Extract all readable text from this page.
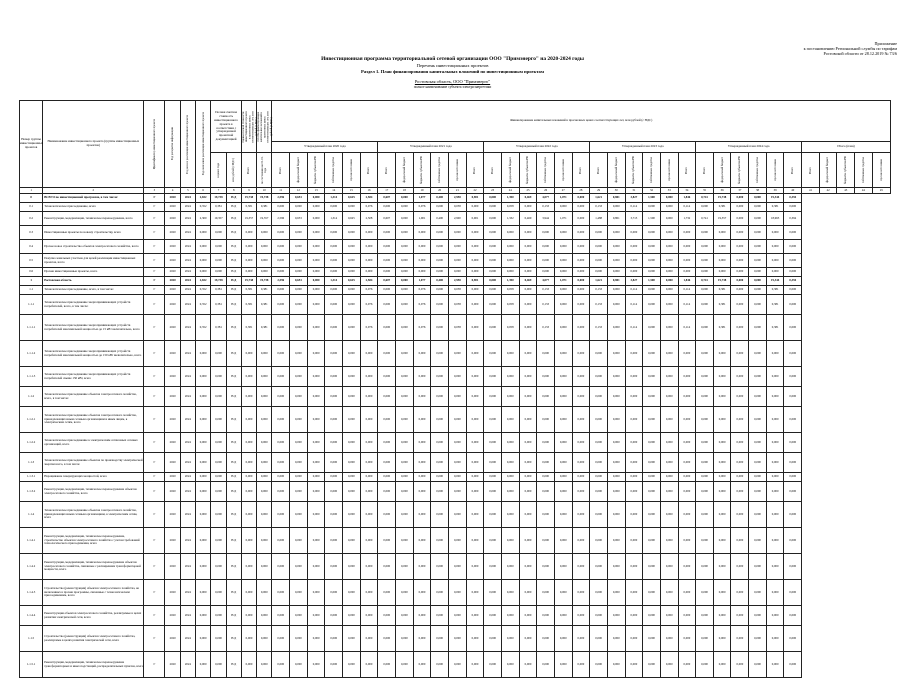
Приложение
к постановлению Региональной службы по тарифам
Ростовской области от 28.12.2019 № 73/6
Инвестиционная программа территориальной сетевой организации ООО "Примэнерго" на 2020-2024 годы
Перечень инвестиционных проектов
Раздел 1. План финансирования капитальных вложений по инвестиционным проектам
Ростовская область, ООО "Примэнерго"
полное наименование субъекта электроэнергетики
Номер группы инвестиционных проектов	Наименование инвестиционного проекта (группы инвестиционных проектов)	Идентификатор инвестиционного проекта	Год раскрытия информации	Год начала реализации инвестиционного проекта	Год окончания реализации инвестиционного проекта	Полная сметная стоимость инвестиционного проекта в соответствии с утвержденной проектной документацией		Оценка полной стоимости инвестиционного проекта в прогнозных ценах соответствующих лет, млн рублей (с НДС)	Остаток финансирования капитальных вложений в прогнозных ценах соответствующих лет, млн рублей (с НДС)	Финансирование капитальных вложений в прогнозных ценах соответствующих лет, млн рублей (с НДС)																																		
										Утвержденный план 2020 года						Утвержденный план 2021 года						Утвержденный план 2022 года						Утвержденный план 2023 года						Утвержденный план 2024 года						Итого (план)				

						в ценах года	млн рублей (с НДС)	Всего	по состоянию на 01.01. года	Всего	федеральный бюджет	бюджеты субъектов РФ	собственные средства	прочие источники	Всего	Всего	федеральный бюджет	бюджеты субъектов РФ	собственные средства	прочие источники	Всего	Всего	федеральный бюджет	бюджеты субъектов РФ	собственные средства	прочие источники	Всего	Всего	федеральный бюджет	бюджеты субъектов РФ	собственные средства	прочие источники	Всего	Всего	федеральный бюджет	бюджеты субъектов РФ	собственные средства	прочие источники	Всего	Всего	федеральный бюджет	бюджеты субъектов РФ	собственные средства	прочие источники

1	2	3	4	5	6	7	8	9	10	11	12	13	14	15	16	17	18	19	20	21	22	23	24	25	26	27	28	29	30	31	32	33	34	35	36	37	38	39	40	41	42	43	44	45
0	ВСЕГО по инвестиционной программе, в том числе:	Г	2020	2024	2,652	19,738	Н.Д	19,738	19,738	2,596	0,653	0,000	1,314	0,625	2,584	0,607	0,000	1,077	0,400	2,958	0,901	0,000	1,390	0,469	4,077	1,071	0,000	1,621	0,801	3,827	1,500	0,000	1,846	0,741	19,738	0,000	0,000	19,344	0,394					
0.1	Технологическое присоединение, всего	Г	2020	2024	0,352	0,381	Н.Д	0,381	0,381	0,000	0,000	0,000	0,000	0,000	0,076	0,000	0,000	0,076	0,000	0,058	0,000	0,000	0,058	0,000	0,133	0,000	0,000	0,133	0,000	0,114	0,000	0,000	0,114	0,000	0,381	0,000	0,000	0,381	0,000					
0.2	Реконструкция, модернизация, техническое перевооружение, всего	Г	2020	2024	2,300	19,357	Н.Д	19,357	19,357	2,596	0,653	0,000	1,314	0,625	2,508	0,607	0,000	1,001	0,400	2,900	0,901	0,000	1,332	0,469	3,944	1,071	0,000	1,488	0,801	3,713	1,500	0,000	1,732	0,741	19,357	0,000	0,000	18,963	0,394					
0.3	Инвестиционные проекты по новому строительству, всего	Г	2020	2024	0,000	0,000	Н.Д	0,000	0,000	0,000	0,000	0,000	0,000	0,000	0,000	0,000	0,000	0,000	0,000	0,000	0,000	0,000	0,000	0,000	0,000	0,000	0,000	0,000	0,000	0,000	0,000	0,000	0,000	0,000	0,000	0,000	0,000	0,000	0,000					
0.4	Прочее новое строительство объектов электросетевого хозяйства, всего	Г	2020	2024	0,000	0,000	Н.Д	0,000	0,000	0,000	0,000	0,000	0,000	0,000	0,000	0,000	0,000	0,000	0,000	0,000	0,000	0,000	0,000	0,000	0,000	0,000	0,000	0,000	0,000	0,000	0,000	0,000	0,000	0,000	0,000	0,000	0,000	0,000	0,000					
0.5	Покупка земельных участков для целей реализации инвестиционных проектов, всего	Г	2020	2024	0,000	0,000	Н.Д	0,000	0,000	0,000	0,000	0,000	0,000	0,000	0,000	0,000	0,000	0,000	0,000	0,000	0,000	0,000	0,000	0,000	0,000	0,000	0,000	0,000	0,000	0,000	0,000	0,000	0,000	0,000	0,000	0,000	0,000	0,000	0,000					
0.6	Прочие инвестиционные проекты, всего	Г	2020	2024	0,000	0,000	Н.Д	0,000	0,000	0,000	0,000	0,000	0,000	0,000	0,000	0,000	0,000	0,000	0,000	0,000	0,000	0,000	0,000	0,000	0,000	0,000	0,000	0,000	0,000	0,000	0,000	0,000	0,000	0,000	0,000	0,000	0,000	0,000	0,000					
1	Ростовская область	Г	2020	2024	2,652	19,738	Н.Д	19,738	19,738	2,596	0,653	0,000	1,314	0,625	2,584	0,607	0,000	1,077	0,400	2,958	0,901	0,000	1,390	0,469	4,077	1,071	0,000	1,621	0,801	3,827	1,500	0,000	1,846	0,741	19,738	0,000	0,000	19,344	0,394					
1.1	Технологическое присоединение, всего, в том числе:	Г	2020	2024	0,352	0,381	Н.Д	0,381	0,381	0,000	0,000	0,000	0,000	0,000	0,076	0,000	0,000	0,076	0,000	0,058	0,000	0,000	0,058	0,000	0,133	0,000	0,000	0,133	0,000	0,114	0,000	0,000	0,114	0,000	0,381	0,000	0,000	0,381	0,000					
1.1.1	Технологическое присоединение энергопринимающих устройств потребителей, всего, в том числе:	Г	2020	2024	0,352	0,381	Н.Д	0,381	0,381	0,000	0,000	0,000	0,000	0,000	0,076	0,000	0,000	0,076	0,000	0,058	0,000	0,000	0,058	0,000	0,133	0,000	0,000	0,133	0,000	0,114	0,000	0,000	0,114	0,000	0,381	0,000	0,000	0,381	0,000					
1.1.1.1	Технологическое присоединение энергопринимающих устройств потребителей максимальной мощностью до 15 кВт включительно, всего	Г	2020	2024	0,352	0,381	Н.Д	0,381	0,381	0,000	0,000	0,000	0,000	0,000	0,076	0,000	0,000	0,076	0,000	0,058	0,000	0,000	0,058	0,000	0,133	0,000	0,000	0,133	0,000	0,114	0,000	0,000	0,114	0,000	0,381	0,000	0,000	0,381	0,000					
1.1.1.2	Технологическое присоединение энергопринимающих устройств потребителей максимальной мощностью до 150 кВт включительно, всего	Г	2020	2024	0,000	0,000	Н.Д	0,000	0,000	0,000	0,000	0,000	0,000	0,000	0,000	0,000	0,000	0,000	0,000	0,000	0,000	0,000	0,000	0,000	0,000	0,000	0,000	0,000	0,000	0,000	0,000	0,000	0,000	0,000	0,000	0,000	0,000	0,000	0,000					
1.1.1.3	Технологическое присоединение энергопринимающих устройств потребителей свыше 150 кВт, всего	Г	2020	2024	0,000	0,000	Н.Д	0,000	0,000	0,000	0,000	0,000	0,000	0,000	0,000	0,000	0,000	0,000	0,000	0,000	0,000	0,000	0,000	0,000	0,000	0,000	0,000	0,000	0,000	0,000	0,000	0,000	0,000	0,000	0,000	0,000	0,000	0,000	0,000					
1.1.2	Технологическое присоединение объектов электросетевого хозяйства, всего, в том числе:	Г	2020	2024	0,000	0,000	Н.Д	0,000	0,000	0,000	0,000	0,000	0,000	0,000	0,000	0,000	0,000	0,000	0,000	0,000	0,000	0,000	0,000	0,000	0,000	0,000	0,000	0,000	0,000	0,000	0,000	0,000	0,000	0,000	0,000	0,000	0,000	0,000	0,000					
1.1.2.1	Технологическое присоединение объектов электросетевого хозяйства, принадлежащих иным сетевым организациям и иным лицам, к электрическим сетям, всего	Г	2020	2024	0,000	0,000	Н.Д	0,000	0,000	0,000	0,000	0,000	0,000	0,000	0,000	0,000	0,000	0,000	0,000	0,000	0,000	0,000	0,000	0,000	0,000	0,000	0,000	0,000	0,000	0,000	0,000	0,000	0,000	0,000	0,000	0,000	0,000	0,000	0,000					
1.1.2.2	Технологическое присоединение к электрическим сетям иных сетевых организаций, всего	Г	2020	2024	0,000	0,000	Н.Д	0,000	0,000	0,000	0,000	0,000	0,000	0,000	0,000	0,000	0,000	0,000	0,000	0,000	0,000	0,000	0,000	0,000	0,000	0,000	0,000	0,000	0,000	0,000	0,000	0,000	0,000	0,000	0,000	0,000	0,000	0,000	0,000					
1.1.3	Технологическое присоединение объектов по производству электрической энергии всего, в том числе:	Г	2020	2024	0,000	0,000	Н.Д	0,000	0,000	0,000	0,000	0,000	0,000	0,000	0,000	0,000	0,000	0,000	0,000	0,000	0,000	0,000	0,000	0,000	0,000	0,000	0,000	0,000	0,000	0,000	0,000	0,000	0,000	0,000	0,000	0,000	0,000	0,000	0,000					
1.1.3.1	Наращивание генерирующих мощностей, всего	Г	2020	2024	0,000	0,000	Н.Д	0,000	0,000	0,000	0,000	0,000	0,000	0,000	0,000	0,000	0,000	0,000	0,000	0,000	0,000	0,000	0,000	0,000	0,000	0,000	0,000	0,000	0,000	0,000	0,000	0,000	0,000	0,000	0,000	0,000	0,000	0,000	0,000					
1.1.3.2	Реконструкция, модернизация, техническое перевооружение объектов электросетевого хозяйства, всего	Г	2020	2024	0,000	0,000	Н.Д	0,000	0,000	0,000	0,000	0,000	0,000	0,000	0,000	0,000	0,000	0,000	0,000	0,000	0,000	0,000	0,000	0,000	0,000	0,000	0,000	0,000	0,000	0,000	0,000	0,000	0,000	0,000	0,000	0,000	0,000	0,000	0,000					
1.1.4	Технологическое присоединение объектов электросетевого хозяйства, принадлежащих иным сетевым организациям, к электрическим сетям, всего	Г	2020	2024	0,000	0,000	Н.Д	0,000	0,000	0,000	0,000	0,000	0,000	0,000	0,000	0,000	0,000	0,000	0,000	0,000	0,000	0,000	0,000	0,000	0,000	0,000	0,000	0,000	0,000	0,000	0,000	0,000	0,000	0,000	0,000	0,000	0,000	0,000	0,000					
1.1.4.1	Реконструкция, модернизация, техническое перевооружение, строительство объектов электросетевого хозяйства с учетом требований технологического присоединения, всего	Г	2020	2024	0,000	0,000	Н.Д	0,000	0,000	0,000	0,000	0,000	0,000	0,000	0,000	0,000	0,000	0,000	0,000	0,000	0,000	0,000	0,000	0,000	0,000	0,000	0,000	0,000	0,000	0,000	0,000	0,000	0,000	0,000	0,000	0,000	0,000	0,000	0,000					
1.1.4.2	Реконструкция, модернизация, техническое перевооружение объектов электросетевого хозяйства, связанные с расширением трансформаторной мощности, всего	Г	2020	2024	0,000	0,000	Н.Д	0,000	0,000	0,000	0,000	0,000	0,000	0,000	0,000	0,000	0,000	0,000	0,000	0,000	0,000	0,000	0,000	0,000	0,000	0,000	0,000	0,000	0,000	0,000	0,000	0,000	0,000	0,000	0,000	0,000	0,000	0,000	0,000					
1.1.4.3	Строительство (реконструкция) объектов электросетевого хозяйства, не включенных в прочие программы, связанные с технологическим присоединением, всего	Г	2020	2024	0,000	0,000	Н.Д	0,000	0,000	0,000	0,000	0,000	0,000	0,000	0,000	0,000	0,000	0,000	0,000	0,000	0,000	0,000	0,000	0,000	0,000	0,000	0,000	0,000	0,000	0,000	0,000	0,000	0,000	0,000	0,000	0,000	0,000	0,000	0,000					
1.1.4.4	Реконструкция объектов электросетевого хозяйства, реализуемые в целях развития электрической сети, всего	Г	2020	2024	0,000	0,000	Н.Д	0,000	0,000	0,000	0,000	0,000	0,000	0,000	0,000	0,000	0,000	0,000	0,000	0,000	0,000	0,000	0,000	0,000	0,000	0,000	0,000	0,000	0,000	0,000	0,000	0,000	0,000	0,000	0,000	0,000	0,000	0,000	0,000					
1.1.5	Строительство (реконструкция) объектов электросетевого хозяйства, реализуемые в целях развития электрической сети, всего	Г	2020	2024	0,000	0,000	Н.Д	0,000	0,000	0,000	0,000	0,000	0,000	0,000	0,000	0,000	0,000	0,000	0,000	0,000	0,000	0,000	0,000	0,000	0,000	0,000	0,000	0,000	0,000	0,000	0,000	0,000	0,000	0,000	0,000	0,000	0,000	0,000	0,000					
1.1.5.1	Реконструкция, модернизация, техническое перевооружение трансформаторных и иных подстанций, распределительных пунктов, всего	Г	2020	2024	0,000	0,000	Н.Д	0,000	0,000	0,000	0,000	0,000	0,000	0,000	0,000	0,000	0,000	0,000	0,000	0,000	0,000	0,000	0,000	0,000	0,000	0,000	0,000	0,000	0,000	0,000	0,000	0,000	0,000	0,000	0,000	0,000	0,000	0,000	0,000					
